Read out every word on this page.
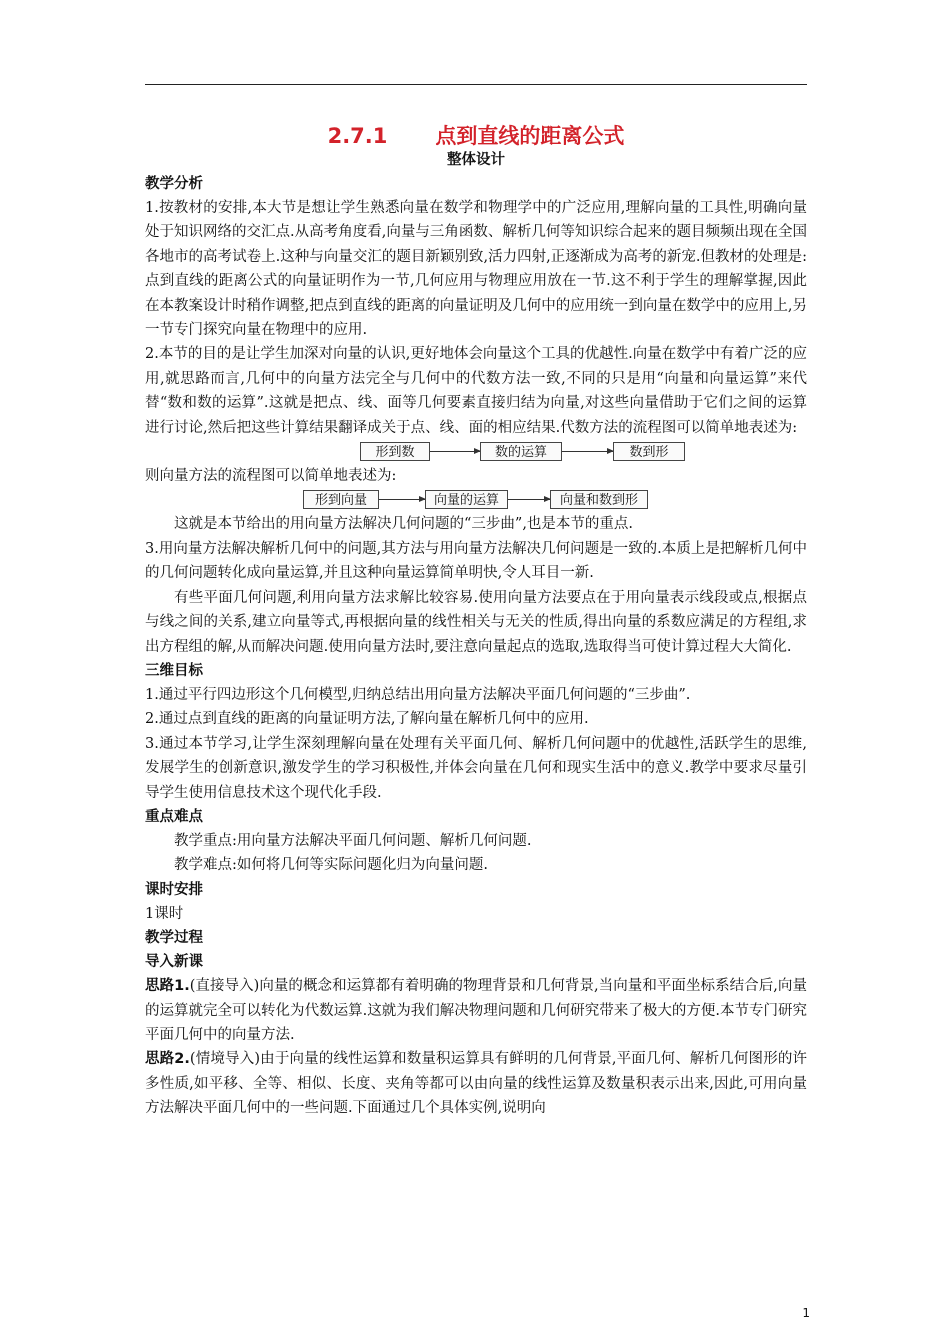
2.7.1 点到直线的距离公式
整体设计
教学分析

1.按教材的安排,本大节是想让学生熟悉向量在数学和物理学中的广泛应用,理解向量的工具性,明确向量处于知识网络的交汇点.从高考角度看,向量与三角函数、解析几何等知识综合起来的题目频频出现在全国各地市的高考试卷上.这种与向量交汇的题目新颖别致,活力四射,正逐渐成为高考的新宠.但教材的处理是:点到直线的距离公式的向量证明作为一节,几何应用与物理应用放在一节.这不利于学生的理解掌握,因此在本教案设计时稍作调整,把点到直线的距离的向量证明及几何中的应用统一到向量在数学中的应用上,另一节专门探究向量在物理中的应用.

2.本节的目的是让学生加深对向量的认识,更好地体会向量这个工具的优越性.向量在数学中有着广泛的应用,就思路而言,几何中的向量方法完全与几何中的代数方法一致,不同的只是用“向量和向量运算”来代替“数和数的运算”.这就是把点、线、面等几何要素直接归结为向量,对这些向量借助于它们之间的运算进行讨论,然后把这些计算结果翻译成关于点、线、面的相应结果.代数方法的流程图可以简单地表述为:

形到数	数的运算	数到形

则向量方法的流程图可以简单地表述为:

形到向量	向量的运算	向量和数到形

这就是本节给出的用向量方法解决几何问题的“三步曲”,也是本节的重点.

3.用向量方法解决解析几何中的问题,其方法与用向量方法解决几何问题是一致的.本质上是把解析几何中的几何问题转化成向量运算,并且这种向量运算简单明快,令人耳目一新.

有些平面几何问题,利用向量方法求解比较容易.使用向量方法要点在于用向量表示线段或点,根据点与线之间的关系,建立向量等式,再根据向量的线性相关与无关的性质,得出向量的系数应满足的方程组,求出方程组的解,从而解决问题.使用向量方法时,要注意向量起点的选取,选取得当可使计算过程大大简化.

三维目标

1.通过平行四边形这个几何模型,归纳总结出用向量方法解决平面几何问题的“三步曲”.

2.通过点到直线的距离的向量证明方法,了解向量在解析几何中的应用.

3.通过本节学习,让学生深刻理解向量在处理有关平面几何、解析几何问题中的优越性,活跃学生的思维,发展学生的创新意识,激发学生的学习积极性,并体会向量在几何和现实生活中的意义.教学中要求尽量引导学生使用信息技术这个现代化手段.

重点难点

教学重点:用向量方法解决平面几何问题、解析几何问题.

教学难点:如何将几何等实际问题化归为向量问题.

课时安排

1课时

教学过程
导入新课

思路1.(直接导入)向量的概念和运算都有着明确的物理背景和几何背景,当向量和平面坐标系结合后,向量的运算就完全可以转化为代数运算.这就为我们解决物理问题和几何研究带来了极大的方便.本节专门研究平面几何中的向量方法.

思路2.(情境导入)由于向量的线性运算和数量积运算具有鲜明的几何背景,平面几何、解析几何图形的许多性质,如平移、全等、相似、长度、夹角等都可以由向量的线性运算及数量积表示出来,因此,可用向量方法解决平面几何中的一些问题.下面通过几个具体实例,说明向

1
